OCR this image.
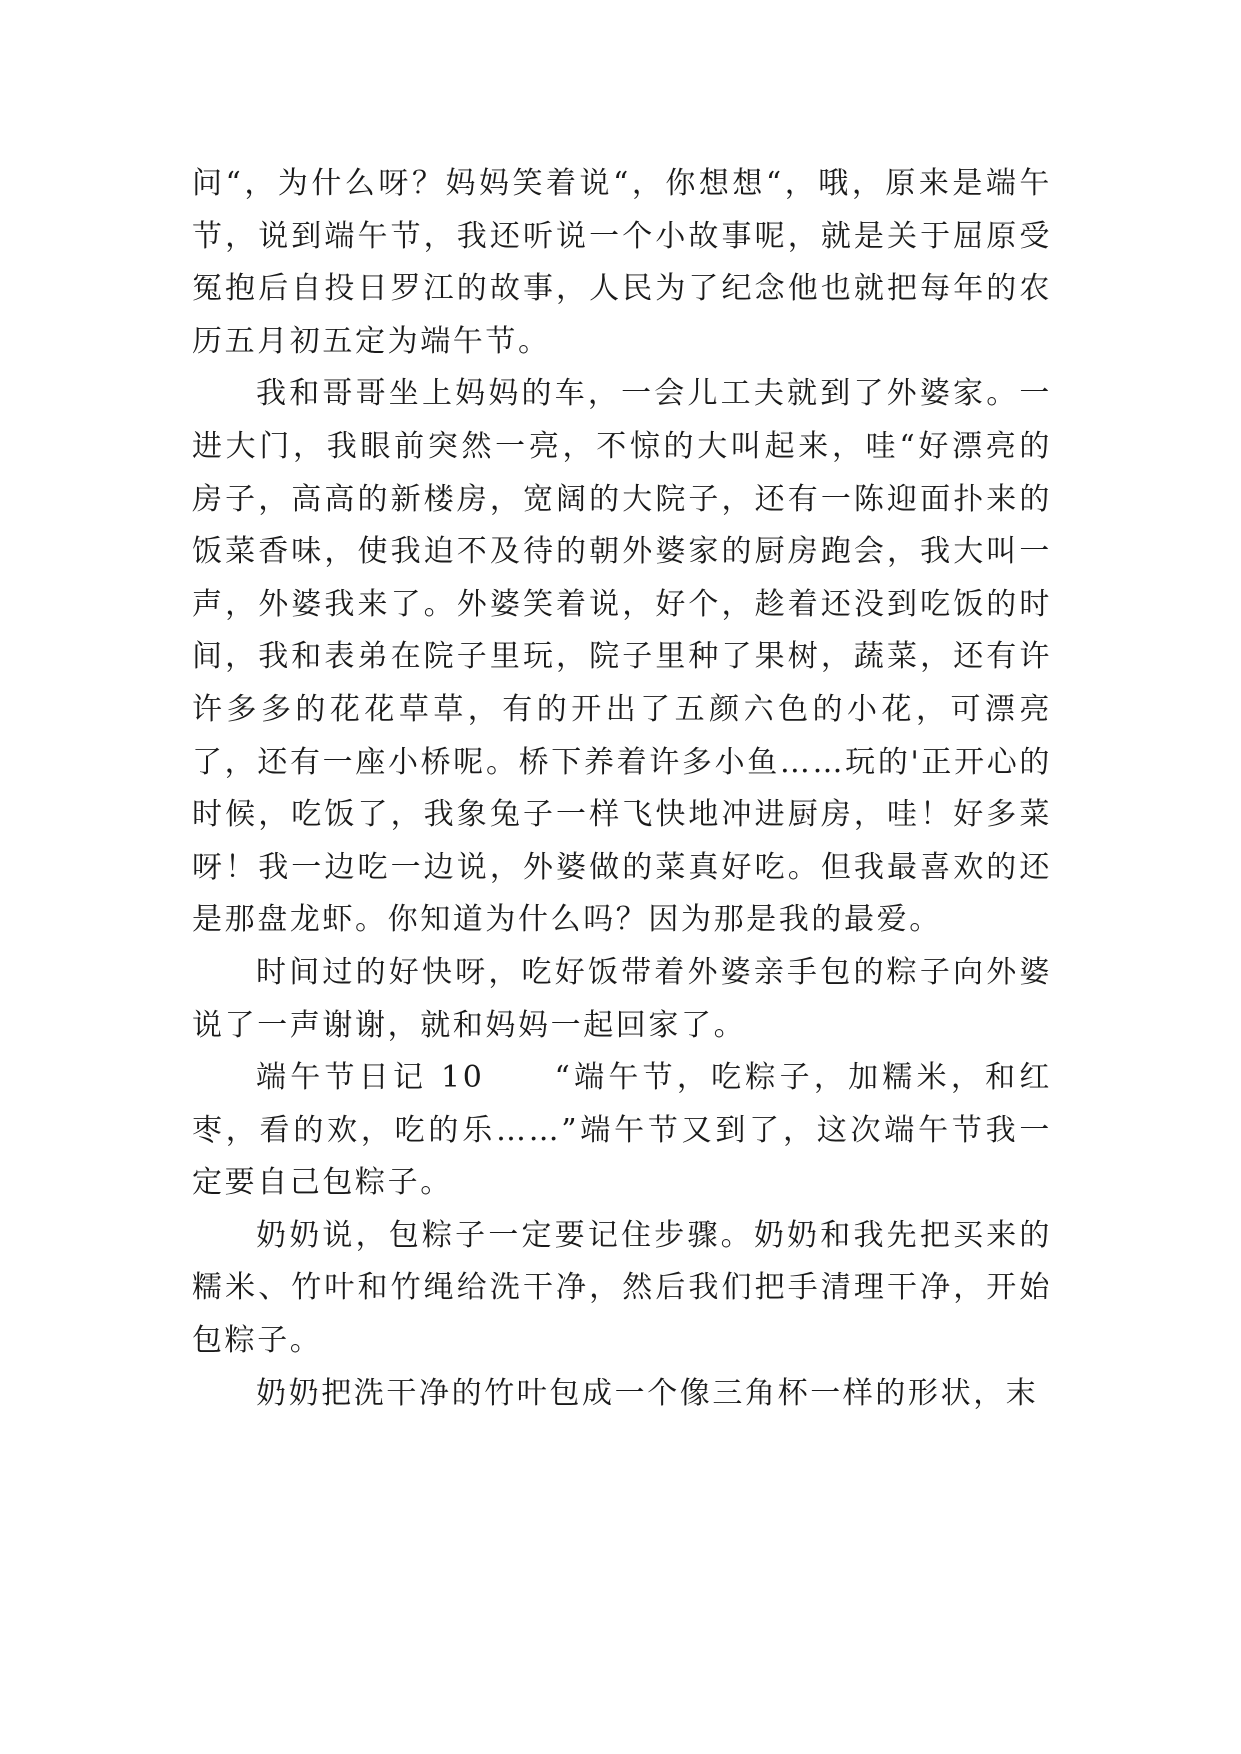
问“，为什么呀？妈妈笑着说“，你想想“，哦，原来是端午节，说到端午节，我还听说一个小故事呢，就是关于屈原受冤抱后自投日罗江的故事，人民为了纪念他也就把每年的农历五月初五定为端午节。

我和哥哥坐上妈妈的车，一会儿工夫就到了外婆家。一进大门，我眼前突然一亮，不惊的大叫起来，哇“好漂亮的房子，高高的新楼房，宽阔的大院子，还有一陈迎面扑来的饭菜香味，使我迫不及待的朝外婆家的厨房跑会，我大叫一声，外婆我来了。外婆笑着说，好个，趁着还没到吃饭的时间，我和表弟在院子里玩，院子里种了果树，蔬菜，还有许许多多的花花草草，有的开出了五颜六色的小花，可漂亮了，还有一座小桥呢。桥下养着许多小鱼……玩的'正开心的时候，吃饭了，我象兔子一样飞快地冲进厨房，哇！好多菜呀！我一边吃一边说，外婆做的菜真好吃。但我最喜欢的还是那盘龙虾。你知道为什么吗？因为那是我的最爱。

时间过的好快呀，吃好饭带着外婆亲手包的粽子向外婆说了一声谢谢，就和妈妈一起回家了。

端午节日记 10　　“端午节，吃粽子，加糯米，和红枣，看的欢，吃的乐……”端午节又到了，这次端午节我一定要自己包粽子。

奶奶说，包粽子一定要记住步骤。奶奶和我先把买来的糯米、竹叶和竹绳给洗干净，然后我们把手清理干净，开始包粽子。

奶奶把洗干净的竹叶包成一个像三角杯一样的形状，末
